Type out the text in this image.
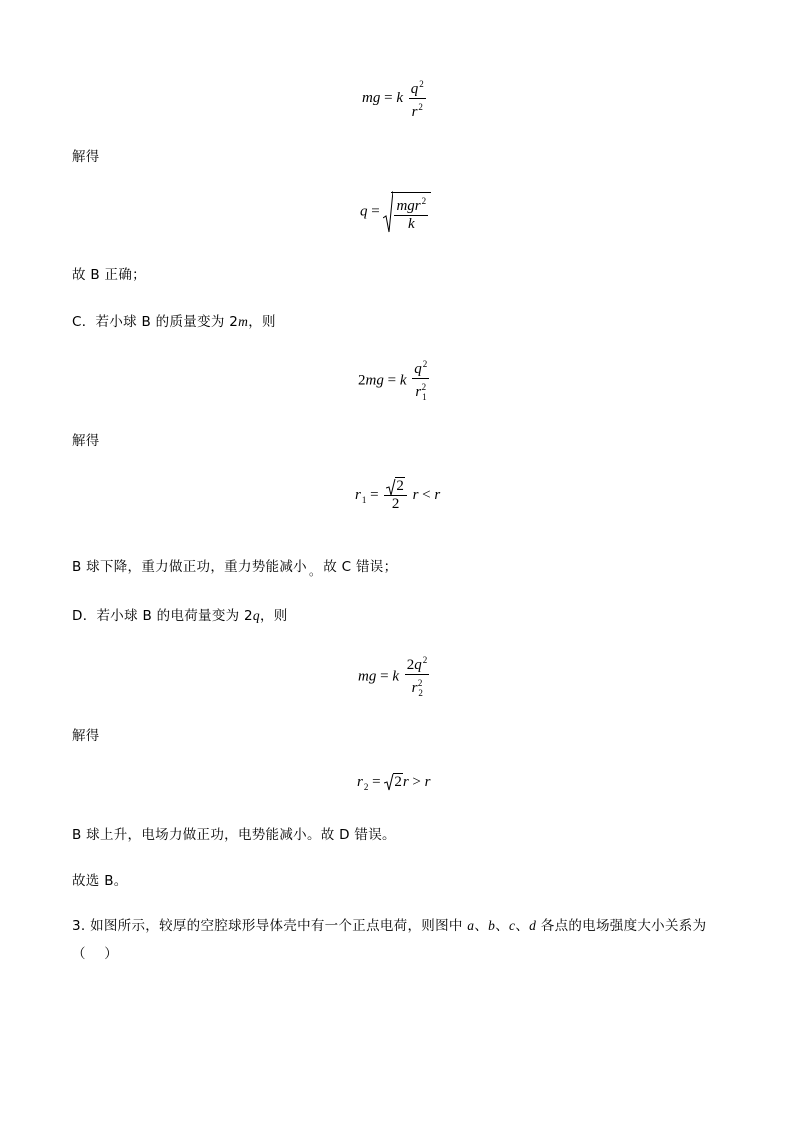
mg = k $\frac{q^2}{r^2}$
解得
$q = \frac{mgr^2}{k}$
故 B 正确；
C．若小球 B 的质量变为 2m，则
2mg = k $\frac{q^2}{r_1^2}$
解得
$r_1 = \frac{2}{2}$ r < r
B 球下降，重力做正功，重力势能减小 。 故 C 错误；
D．若小球 B 的电荷量变为 2q，则
mg = k $\frac{2q^2}{r_2^2}$
解得
$r_2 = 2r > r$
B 球上升，电场力做正功，电势能减小。故 D 错误。
故选 B。
3. 如图所示，较厚的空腔球形导体壳中有一个正点电荷，则图中 a、b、c、d 各点的电场强度大小关系为
（　 ）
